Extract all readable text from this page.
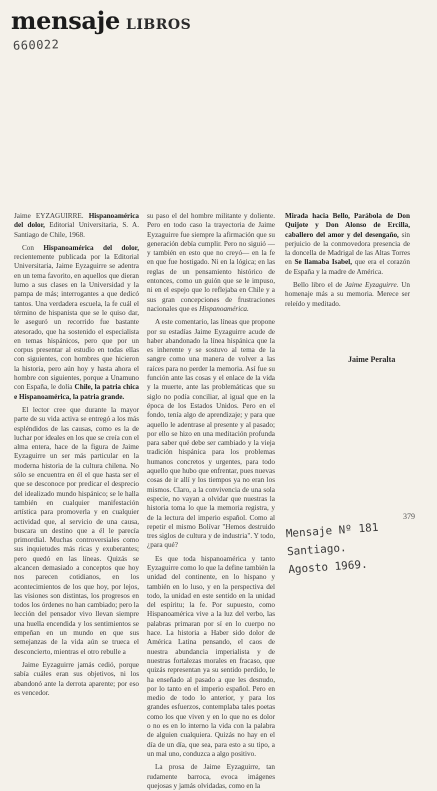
mensaje LIBROS
660022

Jaime EYZAGUIRRE. Hispanoamérica del dolor, Editorial Universitaria, S. A. Santiago de Chile, 1968.

Con Hispanoamérica del dolor, recientemente publicada por la Editorial Universitaria, Jaime Eyzaguirre se adentra en un tema favorito, en aquellos que dieran lumo a sus clases en la Universidad y la pampa de más; interrogantes a que dedicó tantos. Una verdadera escuela, la fe cuál el término de hispanista que se le quiso dar, le aseguró un recorrido fue bastante atesorado, que ha sostenido el especialista en temas hispánicos, pero que por un corpus presentar al estudio en todas ellas con siguientes, con hombres que hicieron la historia, pero aún hoy y hasta ahora el hombre con siguientes, porque a Unamuno con España, le dolía Chile, la patria chica e Hispanoamérica, la patria grande.

El lector cree que durante la mayor parte de su vida activa se entregó a los más espléndidos de las causas, como es la de luchar por ideales en los que se creía con el alma entera, hace de la figura de Jaime Eyzaguirre un ser más particular en la moderna historia de la cultura chilena. No sólo se encuentra en él el que hasta ser el que se desconoce por predicar el desprecio del idealizado mundo hispánico; se le halla también en cualquier manifestación artística para promoverla y en cualquier actividad que, al servicio de una causa, buscara un destino que a él le parecía primordial. Muchas controversiales como sus inquietudes más ricas y exuberantes; pero quedó en las líneas. Quizás se alcancen demasiado a conceptos que hoy nos parecen cotidianos, en los acontecimientos de los que hoy, por lejos, las visiones son distintas, los progresos en todos los órdenes no han cambiado; pero la lección del pensador vivo llevan siempre una huella encendida y los sentimientos se empeñan en un mundo en que sus semejanzas de la vida aún se trueca el desconcierto, mientras el otro rebulle a

Jaime Eyzaguirre jamás cedió, porque sabía cuáles eran sus objetivos, ni los abandonó ante la derrota aparente; por eso es vencedor.

su paso el del hombre militante y doliente. Pero en todo caso la trayectoria de Jaime Eyzaguirre fue siempre la afirmación que su generación debía cumplir. Pero no siguió —y también en esto que no creyó— en la fe en que fue hostigado. Ni en la lógica; en las reglas de un pensamiento histórico de entonces, como un guión que se le impuso, ni en el espejo que lo reflejaba en Chile y a sus gran concepciones de frustraciones nacionales que es Hispanoamérica.

A este comentario, las líneas que propone por su estadías Jaime Eyzaguirre acude de haber abandonado la línea hispánica que la es inherente y se sostuvo al tema de la sangre como una manera de volver a las raíces para no perder la memoria. Así fue su función ante las cosas y el enlace de la vida y la muerte, ante las problemáticas que su siglo no podía conciliar, al igual que en la época de los Estados Unidos. Pero en el fondo, tenía algo de aprendizaje; y para que aquello le adentrase al presente y al pasado; por ello se hizo en una meditación profunda para saber qué debe ser cambiado y la vieja tradición hispánica para los problemas humanos concretos y urgentes, para todo aquello que hubo que enfrentar, pues nuevas cosas de ir allí y los tiempos ya no eran los mismos. Claro, a la convivencia de una sola especie, no vayan a olvidar que nuestras la historia toma lo que la memoria registra, y de la lectura del imperio español. Como al repetir el mismo Bolívar "Hemos destruido tres siglos de cultura y de industria". Y todo, ¿para qué?

Es que toda hispanoamérica y tanto Eyzaguirre como lo que la define también la unidad del continente, en lo hispano y también en lo luso, y en la perspectiva del todo, la unidad en este sentido en la unidad del espíritu; la fe. Por supuesto, como Hispanoamérica vive a la luz del verbo, las palabras primaran por sí en lo cuerpo no hace. La historia a Haber sido dolor de América Latina pensando, el caos de nuestra abundancia imperialista y de nuestras fortalezas morales en fracaso, que quizás representan ya su sentido perdido, le ha enseñado al pasado a que les desnudo, por lo tanto en el imperio español. Pero en medio de todo lo anterior, y para los grandes esfuerzos, contemplaba tales poetas como los que viven y en lo que no es dolor o no es en lo interno la vida con la palabra de alguien cualquiera. Quizás no hay en el día de un día, que sea, para esto a su tipo, a un mal uno, conduzca a algo positivo.

La prosa de Jaime Eyzaguirre, tan rudamente barroca, evoca imágenes quejosas y jamás olvidadas, como en la

Mirada hacia Bello, Parábola de Don Quijote y Don Alonso de Ercilla, caballero del amor y del desengaño, sin perjuicio de la conmovedora presencia de la doncella de Madrigal de las Altas Torres en Se llamaba Isabel, que era el corazón de España y la madre de América.

Bello libro el de Jaime Eyzaguirre. Un homenaje más a su memoria. Merece ser releído y meditado.

Jaime Peralta
379
Mensaje Nº 181
Santiago.
Agosto 1969.
